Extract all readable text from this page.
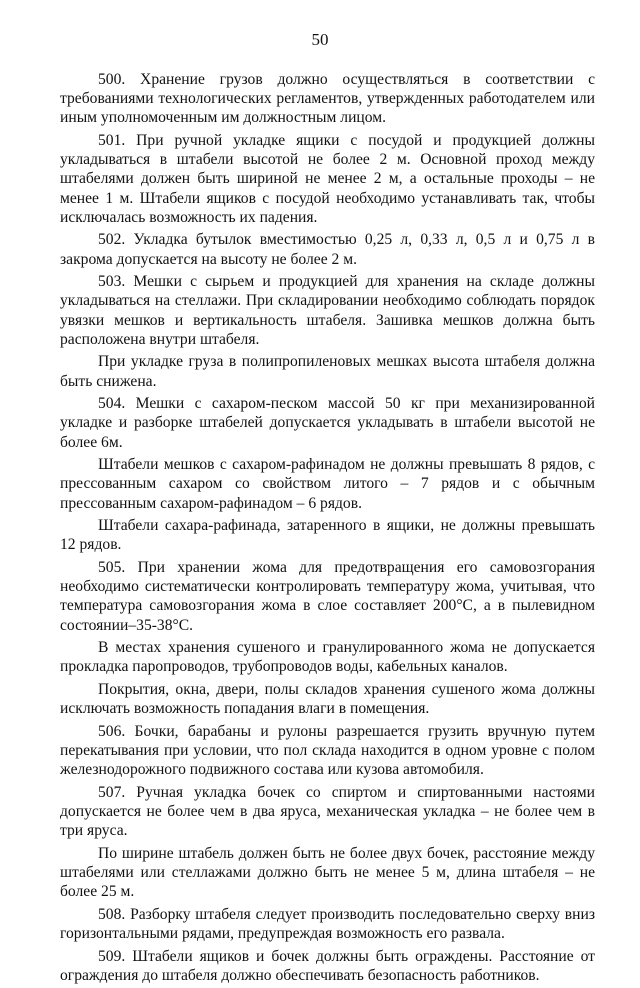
50

500. Хранение грузов должно осуществляться в соответствии с требованиями технологических регламентов, утвержденных работодателем или иным уполномоченным им должностным лицом.

501. При ручной укладке ящики с посудой и продукцией должны укладываться в штабели высотой не более 2 м. Основной проход между штабелями должен быть шириной не менее 2 м, а остальные проходы – не менее 1 м. Штабели ящиков с посудой необходимо устанавливать так, чтобы исключалась возможность их падения.

502. Укладка бутылок вместимостью 0,25 л, 0,33 л, 0,5 л и 0,75 л в закрома допускается на высоту не более 2 м.

503. Мешки с сырьем и продукцией для хранения на складе должны укладываться на стеллажи. При складировании необходимо соблюдать порядок увязки мешков и вертикальность штабеля. Зашивка мешков должна быть расположена внутри штабеля.

При укладке груза в полипропиленовых мешках высота штабеля должна быть снижена.

504. Мешки с сахаром-песком массой 50 кг при механизированной укладке и разборке штабелей допускается укладывать в штабели высотой не более 6м.

Штабели мешков с сахаром-рафинадом не должны превышать 8 рядов, с прессованным сахаром со свойством литого – 7 рядов и с обычным прессованным сахаром-рафинадом – 6 рядов.

Штабели сахара-рафинада, затаренного в ящики, не должны превышать 12 рядов.

505. При хранении жома для предотвращения его самовозгорания необходимо систематически контролировать температуру жома, учитывая, что температура самовозгорания жома в слое составляет 200°С, а в пылевидном состоянии–35-38°С.

В местах хранения сушеного и гранулированного жома не допускается прокладка паропроводов, трубопроводов воды, кабельных каналов.

Покрытия, окна, двери, полы складов хранения сушеного жома должны исключать возможность попадания влаги в помещения.

506. Бочки, барабаны и рулоны разрешается грузить вручную путем перекатывания при условии, что пол склада находится в одном уровне с полом железнодорожного подвижного состава или кузова автомобиля.

507. Ручная укладка бочек со спиртом и спиртованными настоями допускается не более чем в два яруса, механическая укладка – не более чем в три яруса.

По ширине штабель должен быть не более двух бочек, расстояние между штабелями или стеллажами должно быть не менее 5 м, длина штабеля – не более 25 м.

508. Разборку штабеля следует производить последовательно сверху вниз горизонтальными рядами, предупреждая возможность его развала.

509. Штабели ящиков и бочек должны быть ограждены. Расстояние от ограждения до штабеля должно обеспечивать безопасность работников.
